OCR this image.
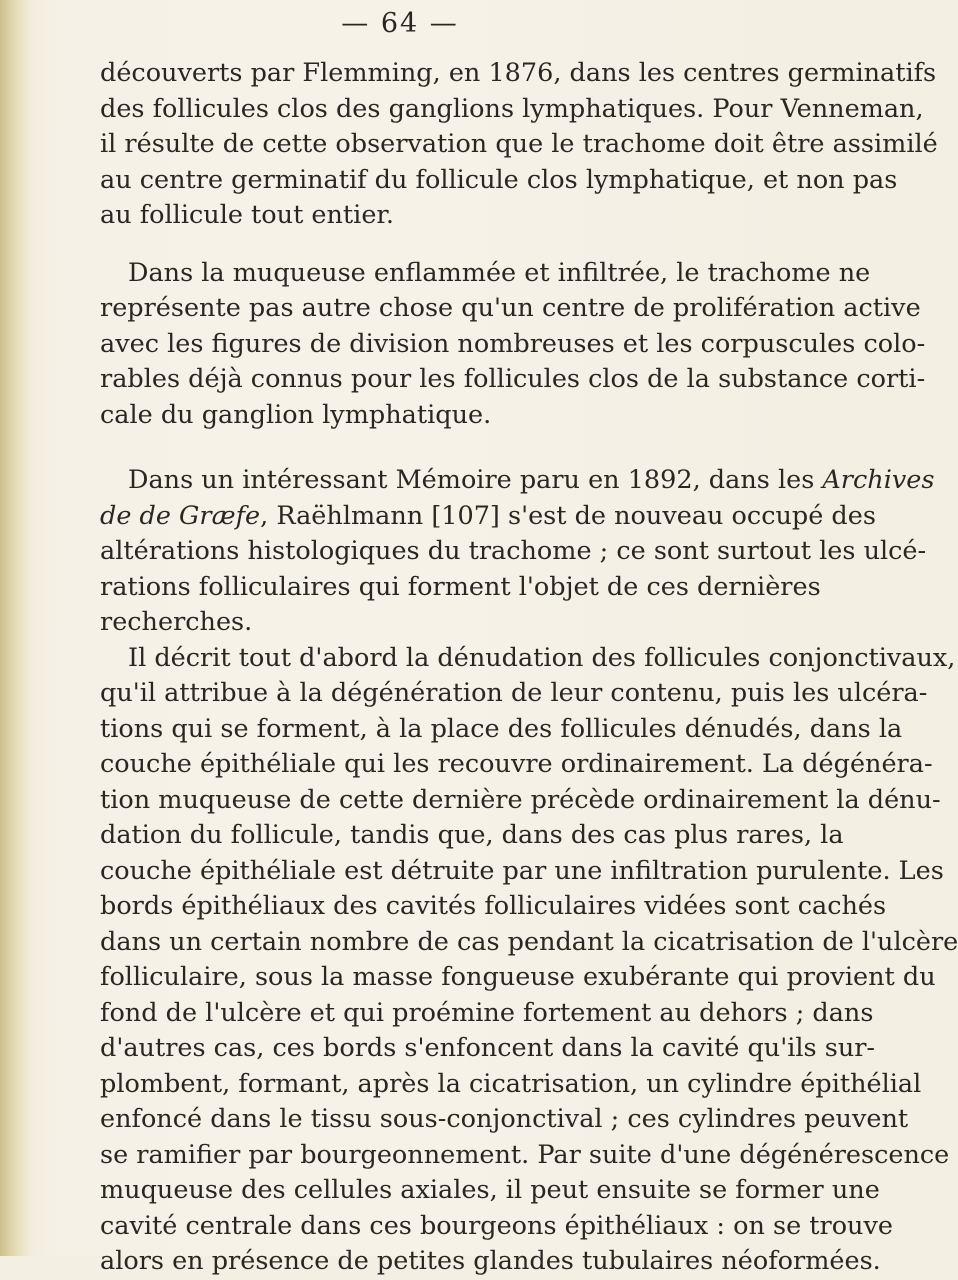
— 64 —
découverts par Flemming, en 1876, dans les centres germinatifs
des follicules clos des ganglions lymphatiques. Pour Venneman,
il résulte de cette observation que le trachome doit être assimilé
au centre germinatif du follicule clos lymphatique, et non pas
au follicule tout entier.
Dans la muqueuse enflammée et infiltrée, le trachome ne
représente pas autre chose qu'un centre de prolifération active
avec les figures de division nombreuses et les corpuscules colo-
rables déjà connus pour les follicules clos de la substance corti-
cale du ganglion lymphatique.
Dans un intéressant Mémoire paru en 1892, dans les Archives
de de Græfe, Raëhlmann [107] s'est de nouveau occupé des
altérations histologiques du trachome ; ce sont surtout les ulcé-
rations folliculaires qui forment l'objet de ces dernières
recherches.
Il décrit tout d'abord la dénudation des follicules conjonctivaux,
qu'il attribue à la dégénération de leur contenu, puis les ulcéra-
tions qui se forment, à la place des follicules dénudés, dans la
couche épithéliale qui les recouvre ordinairement. La dégénéra-
tion muqueuse de cette dernière précède ordinairement la dénu-
dation du follicule, tandis que, dans des cas plus rares, la
couche épithéliale est détruite par une infiltration purulente. Les
bords épithéliaux des cavités folliculaires vidées sont cachés
dans un certain nombre de cas pendant la cicatrisation de l'ulcère
folliculaire, sous la masse fongueuse exubérante qui provient du
fond de l'ulcère et qui proémine fortement au dehors ; dans
d'autres cas, ces bords s'enfoncent dans la cavité qu'ils sur-
plombent, formant, après la cicatrisation, un cylindre épithélial
enfoncé dans le tissu sous-conjonctival ; ces cylindres peuvent
se ramifier par bourgeonnement. Par suite d'une dégénérescence
muqueuse des cellules axiales, il peut ensuite se former une
cavité centrale dans ces bourgeons épithéliaux : on se trouve
alors en présence de petites glandes tubulaires néoformées.
